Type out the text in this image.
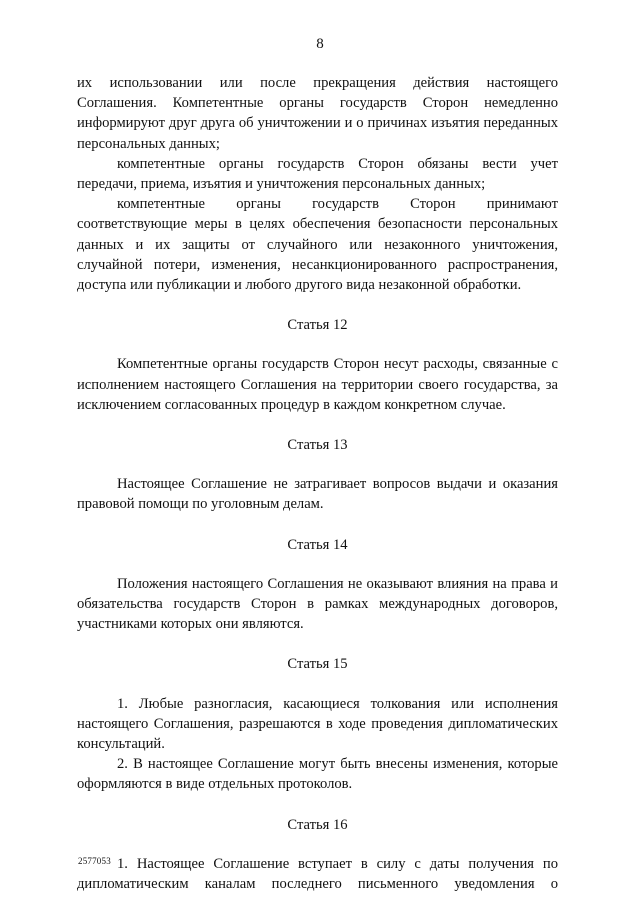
8

их использовании или после прекращения действия настоящего Соглашения. Компетентные органы государств Сторон немедленно информируют друг друга об уничтожении и о причинах изъятия переданных персональных данных;

компетентные органы государств Сторон обязаны вести учет передачи, приема, изъятия и уничтожения персональных данных;

компетентные органы государств Сторон принимают соответствующие меры в целях обеспечения безопасности персональных данных и их защиты от случайного или незаконного уничтожения, случайной потери, изменения, несанкционированного распространения, доступа или публикации и любого другого вида незаконной обработки.

Статья 12

Компетентные органы государств Сторон несут расходы, связанные с исполнением настоящего Соглашения на территории своего государства, за исключением согласованных процедур в каждом конкретном случае.

Статья 13

Настоящее Соглашение не затрагивает вопросов выдачи и оказания правовой помощи по уголовным делам.

Статья 14

Положения настоящего Соглашения не оказывают влияния на права и обязательства государств Сторон в рамках международных договоров, участниками которых они являются.

Статья 15

1. Любые разногласия, касающиеся толкования или исполнения настоящего Соглашения, разрешаются в ходе проведения дипломатических консультаций.

2. В настоящее Соглашение могут быть внесены изменения, которые оформляются в виде отдельных протоколов.

Статья 16

1. Настоящее Соглашение вступает в силу с даты получения по дипломатическим каналам последнего письменного уведомления о

2577053
